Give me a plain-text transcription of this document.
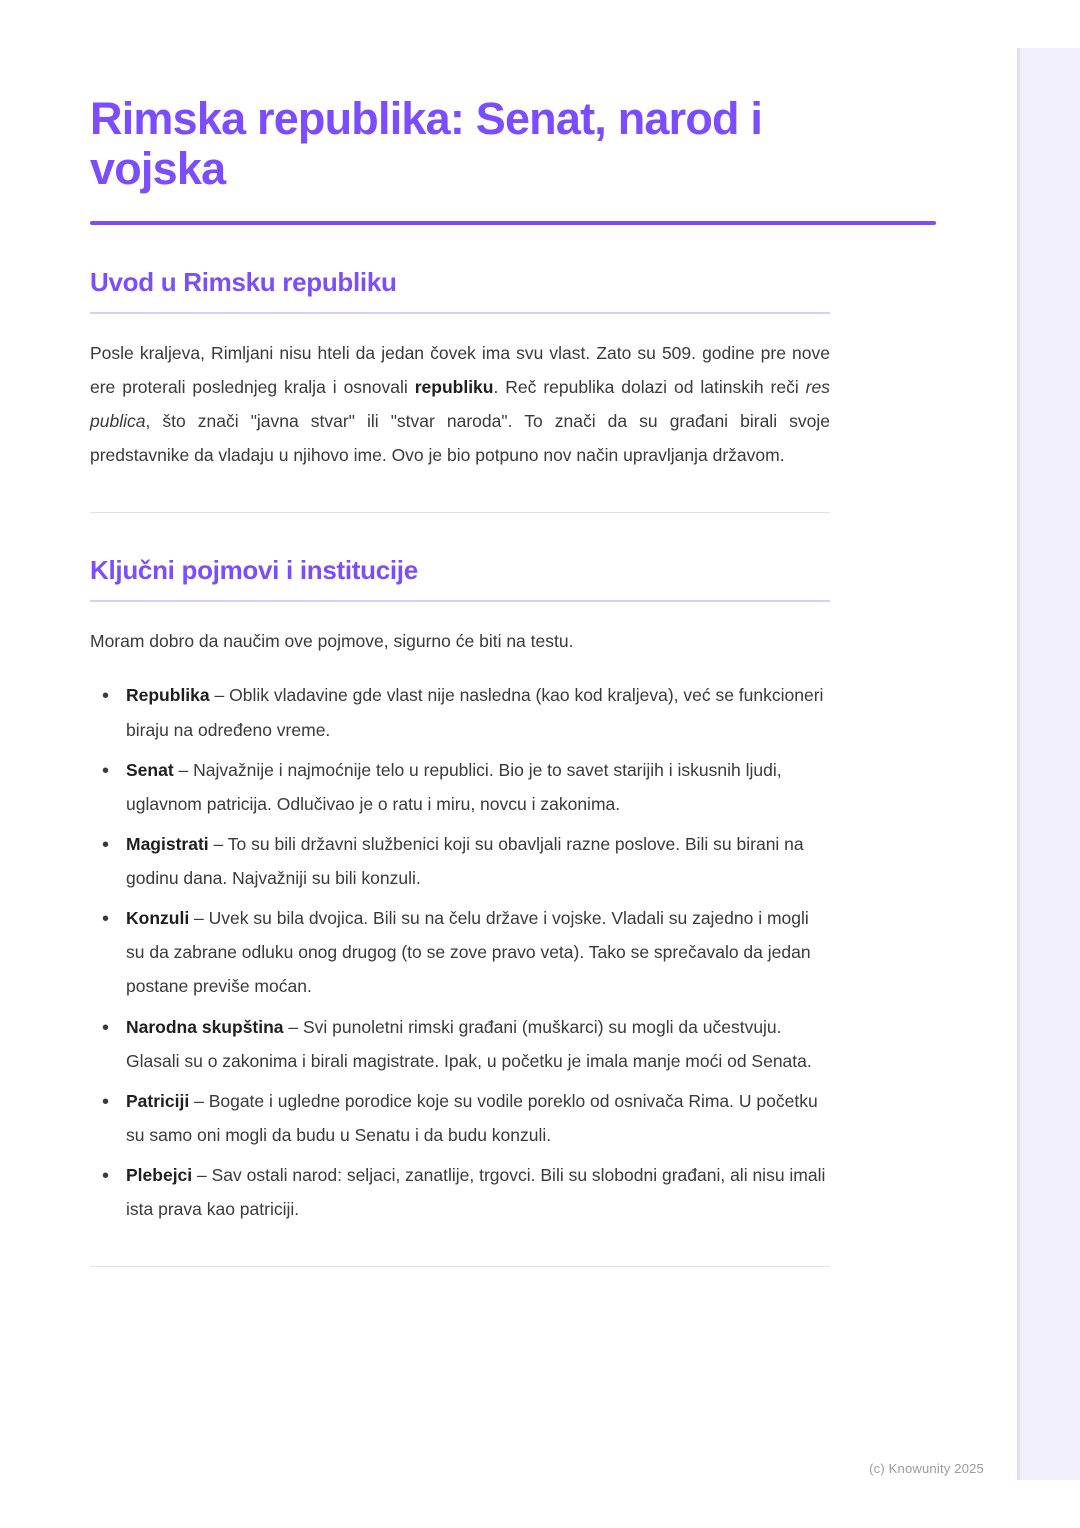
Rimska republika: Senat, narod i vojska
Uvod u Rimsku republiku

Posle kraljeva, Rimljani nisu hteli da jedan čovek ima svu vlast. Zato su 509. godine pre nove ere proterali poslednjeg kralja i osnovali republiku. Reč republika dolazi od latinskih reči res publica, što znači "javna stvar" ili "stvar naroda". To znači da su građani birali svoje predstavnike da vladaju u njihovo ime. Ovo je bio potpuno nov način upravljanja državom.

Ključni pojmovi i institucije

Moram dobro da naučim ove pojmove, sigurno će biti na testu.

• Republika – Oblik vladavine gde vlast nije nasledna (kao kod kraljeva), već se funkcioneri biraju na određeno vreme.
• Senat – Najvažnije i najmoćnije telo u republici. Bio je to savet starijih i iskusnih ljudi, uglavnom patricija. Odlučivao je o ratu i miru, novcu i zakonima.
• Magistrati – To su bili državni službenici koji su obavljali razne poslove. Bili su birani na godinu dana. Najvažniji su bili konzuli.
• Konzuli – Uvek su bila dvojica. Bili su na čelu države i vojske. Vladali su zajedno i mogli su da zabrane odluku onog drugog (to se zove pravo veta). Tako se sprečavalo da jedan postane previše moćan.
• Narodna skupština – Svi punoletni rimski građani (muškarci) su mogli da učestvuju. Glasali su o zakonima i birali magistrate. Ipak, u početku je imala manje moći od Senata.
• Patriciji – Bogate i ugledne porodice koje su vodile poreklo od osnivača Rima. U početku su samo oni mogli da budu u Senatu i da budu konzuli.
• Plebejci – Sav ostali narod: seljaci, zanatlije, trgovci. Bili su slobodni građani, ali nisu imali ista prava kao patriciji.
(c) Knowunity 2025
